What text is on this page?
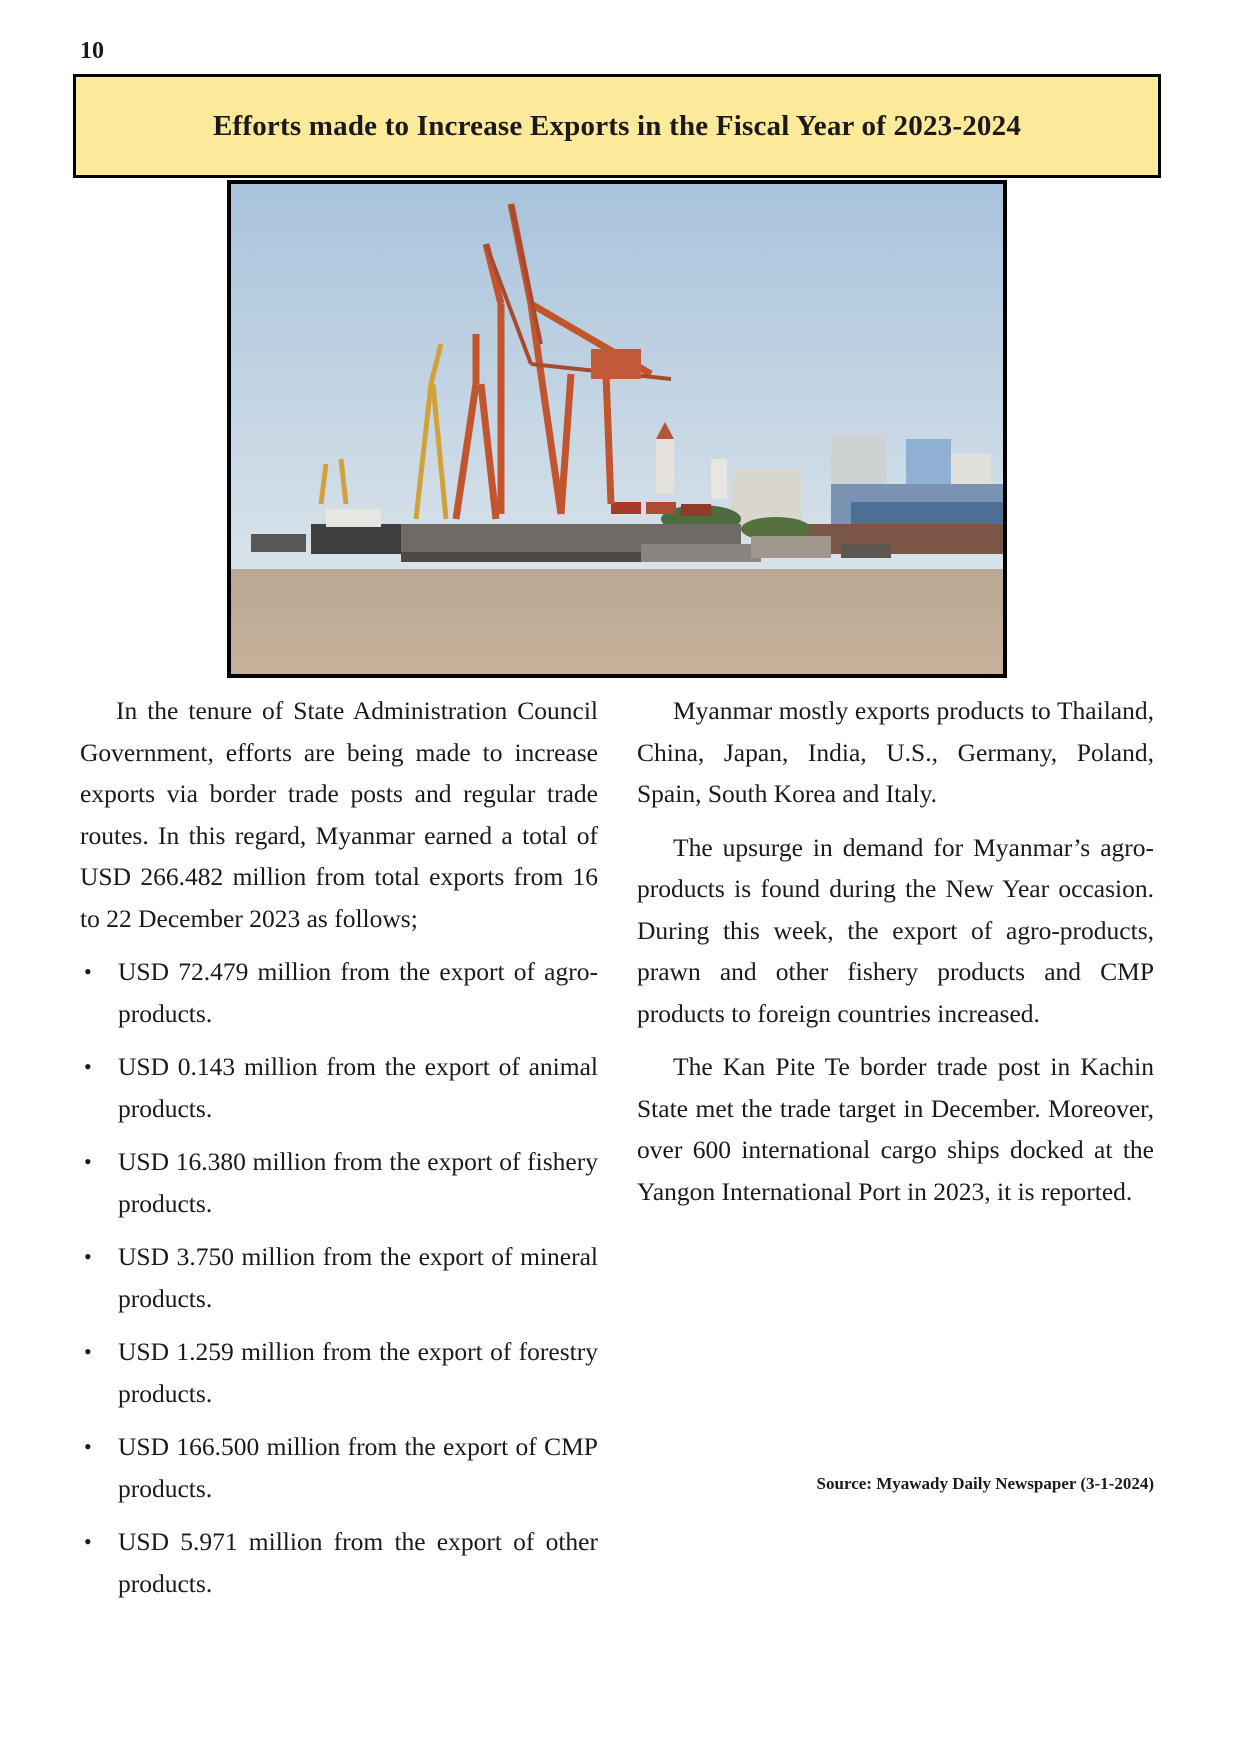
10
Efforts made to Increase Exports in the Fiscal Year of 2023-2024

In the tenure of State Administration Council Government, efforts are being made to increase exports via border trade posts and regular trade routes. In this regard, Myanmar earned a total of USD 266.482 million from total exports from 16 to 22 December 2023 as follows;

• USD 72.479 million from the export of agro-products.
• USD 0.143 million from the export of animal products.
• USD 16.380 million from the export of fishery products.
• USD 3.750 million from the export of mineral products.
• USD 1.259 million from the export of forestry products.
• USD 166.500 million from the export of CMP products.
• USD 5.971 million from the export of other products.

Myanmar mostly exports products to Thailand, China, Japan, India, U.S., Germany, Poland, Spain, South Korea and Italy.

The upsurge in demand for Myanmar’s agro-products is found during the New Year occasion. During this week, the export of agro-products, prawn and other fishery products and CMP products to foreign countries increased.

The Kan Pite Te border trade post in Kachin State met the trade target in December. Moreover, over 600 international cargo ships docked at the Yangon International Port in 2023, it is reported.

Source: Myawady Daily Newspaper (3-1-2024)
